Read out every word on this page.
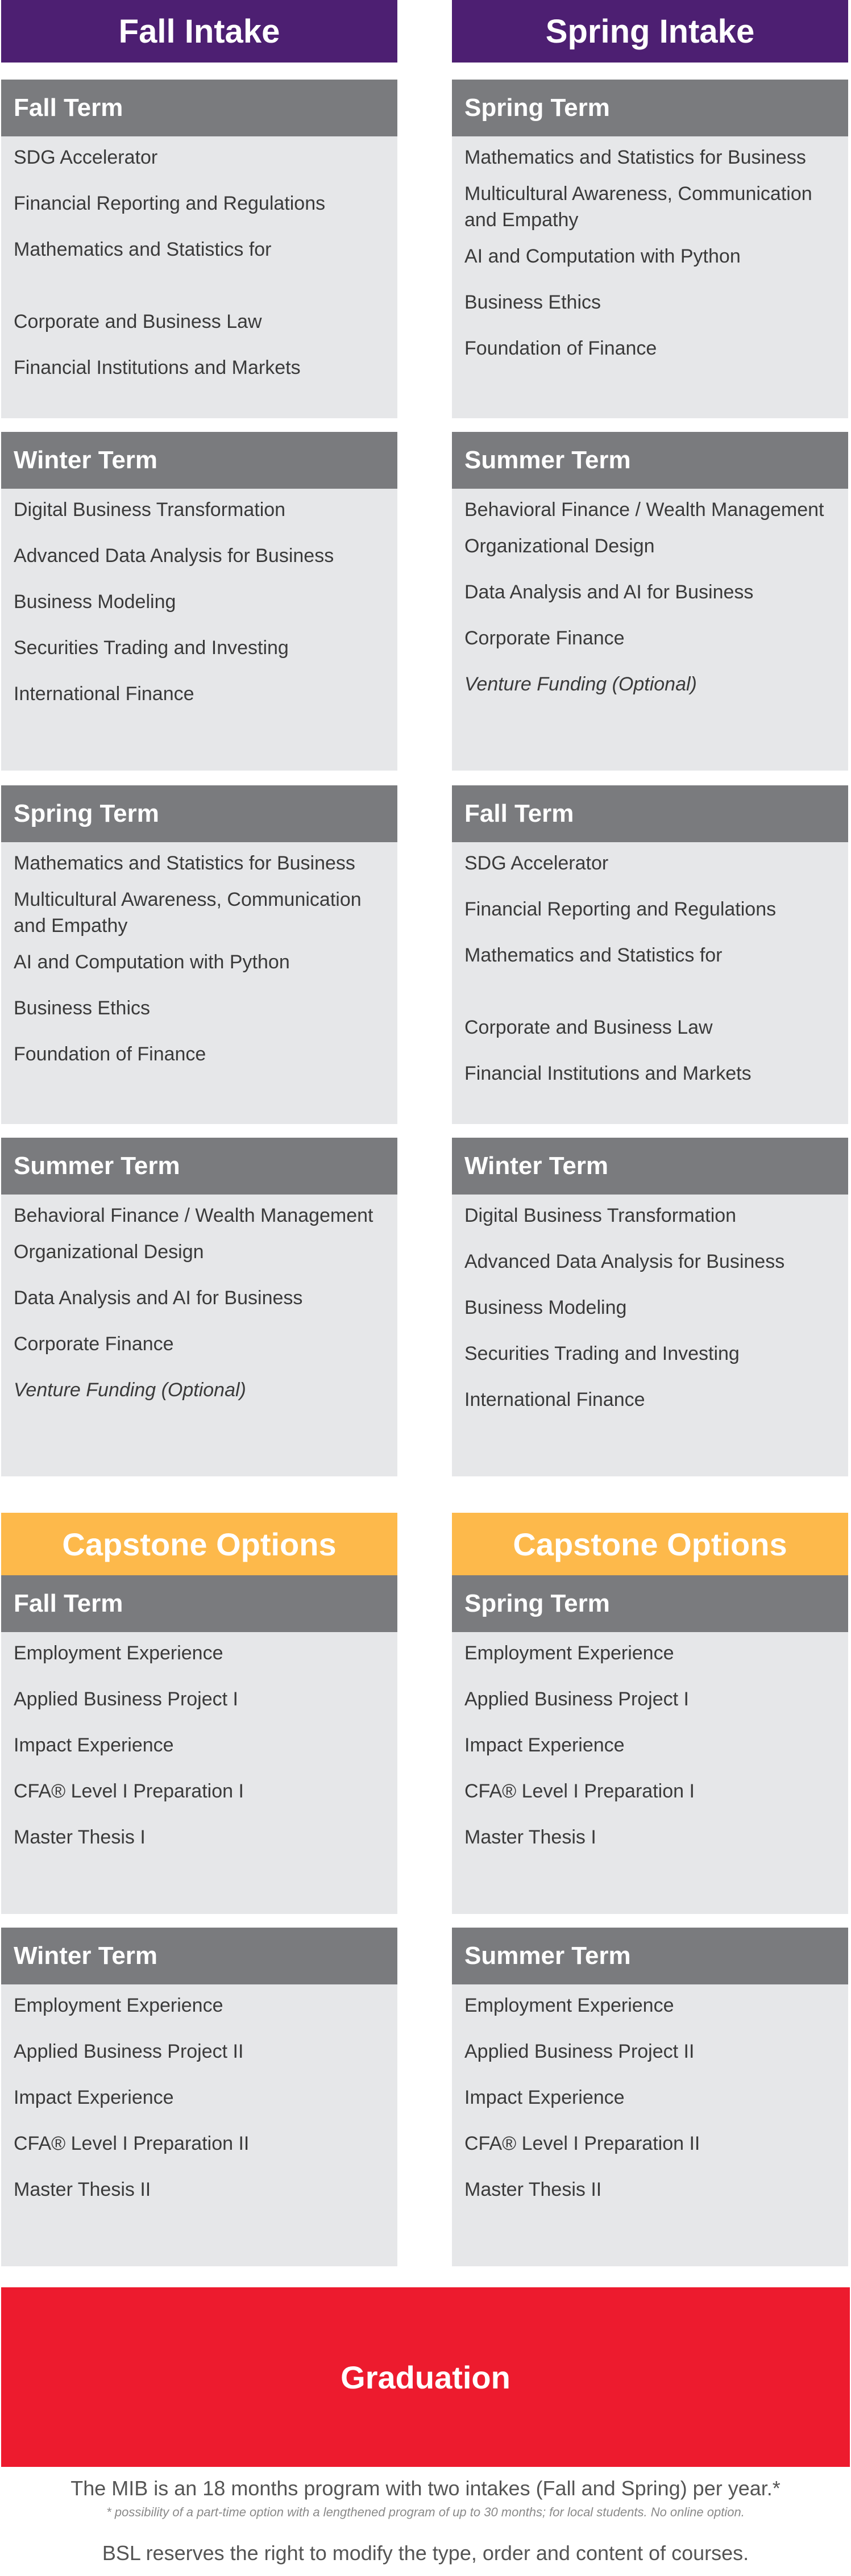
Fall Intake
Fall Term
SDG Accelerator
Financial Reporting and Regulations
Mathematics and Statistics for
Corporate and Business Law
Financial Institutions and Markets
Winter Term
Digital Business Transformation
Advanced Data Analysis for Business
Business Modeling
Securities Trading and Investing
International Finance
Spring Term
Mathematics and Statistics for Business
Multicultural Awareness, Communication and Empathy
AI and Computation with Python
Business Ethics
Foundation of Finance
Summer Term
Behavioral Finance / Wealth Management
Organizational Design
Data Analysis and AI for Business
Corporate Finance
Venture Funding (Optional)
Capstone Options
Fall Term
Employment Experience
Applied Business Project I
Impact Experience
CFA® Level I Preparation I
Master Thesis I
Winter Term
Employment Experience
Applied Business Project II
Impact Experience
CFA® Level I Preparation II
Master Thesis II
Spring Intake
Spring Term
Mathematics and Statistics for Business
Multicultural Awareness, Communication and Empathy
AI and Computation with Python
Business Ethics
Foundation of Finance
Summer Term
Behavioral Finance / Wealth Management
Organizational Design
Data Analysis and AI for Business
Corporate Finance
Venture Funding (Optional)
Fall Term
SDG Accelerator
Financial Reporting and Regulations
Mathematics and Statistics for
Corporate and Business Law
Financial Institutions and Markets
Winter Term
Digital Business Transformation
Advanced Data Analysis for Business
Business Modeling
Securities Trading and Investing
International Finance
Capstone Options
Spring Term
Employment Experience
Applied Business Project I
Impact Experience
CFA® Level I Preparation I
Master Thesis I
Summer Term
Employment Experience
Applied Business Project II
Impact Experience
CFA® Level I Preparation II
Master Thesis II
Graduation
The MIB is an 18 months program with two intakes (Fall and Spring) per year.*
* possibility of a part-time option with a lengthened program of up to 30 months; for local students. No online option.
BSL reserves the right to modify the type, order and content of courses.
